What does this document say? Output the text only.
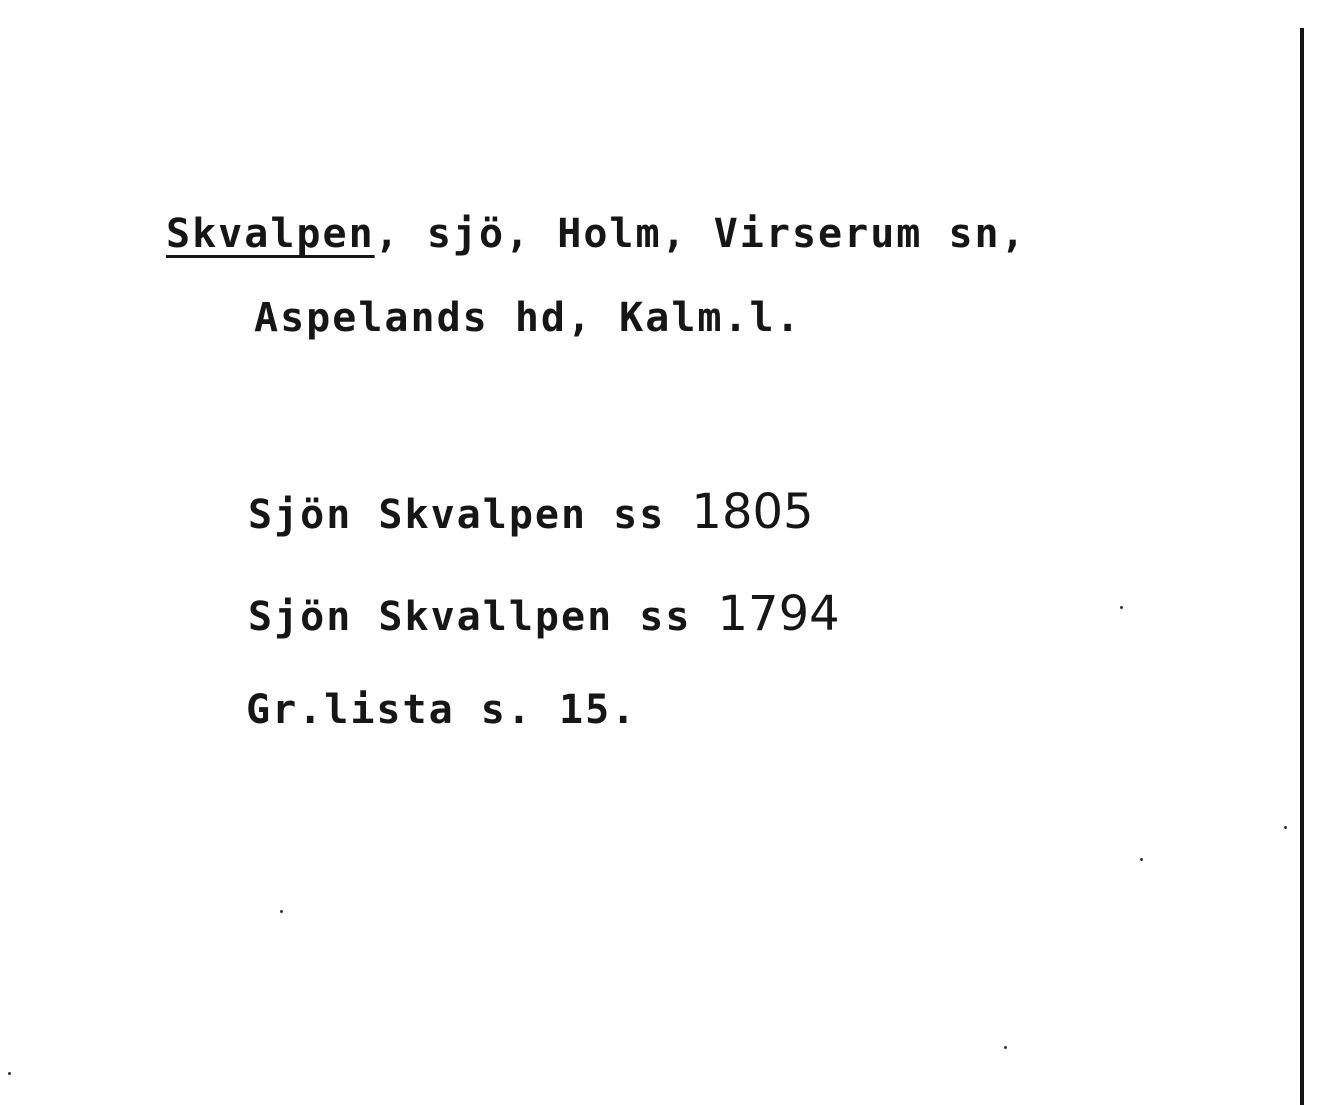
Skvalpen, sjö, Holm, Virserum sn,
Aspelands hd, Kalm.l.
Sjön Skvalpen ss 1805
Sjön Skvallpen ss 1794
Gr.lista s. 15.
